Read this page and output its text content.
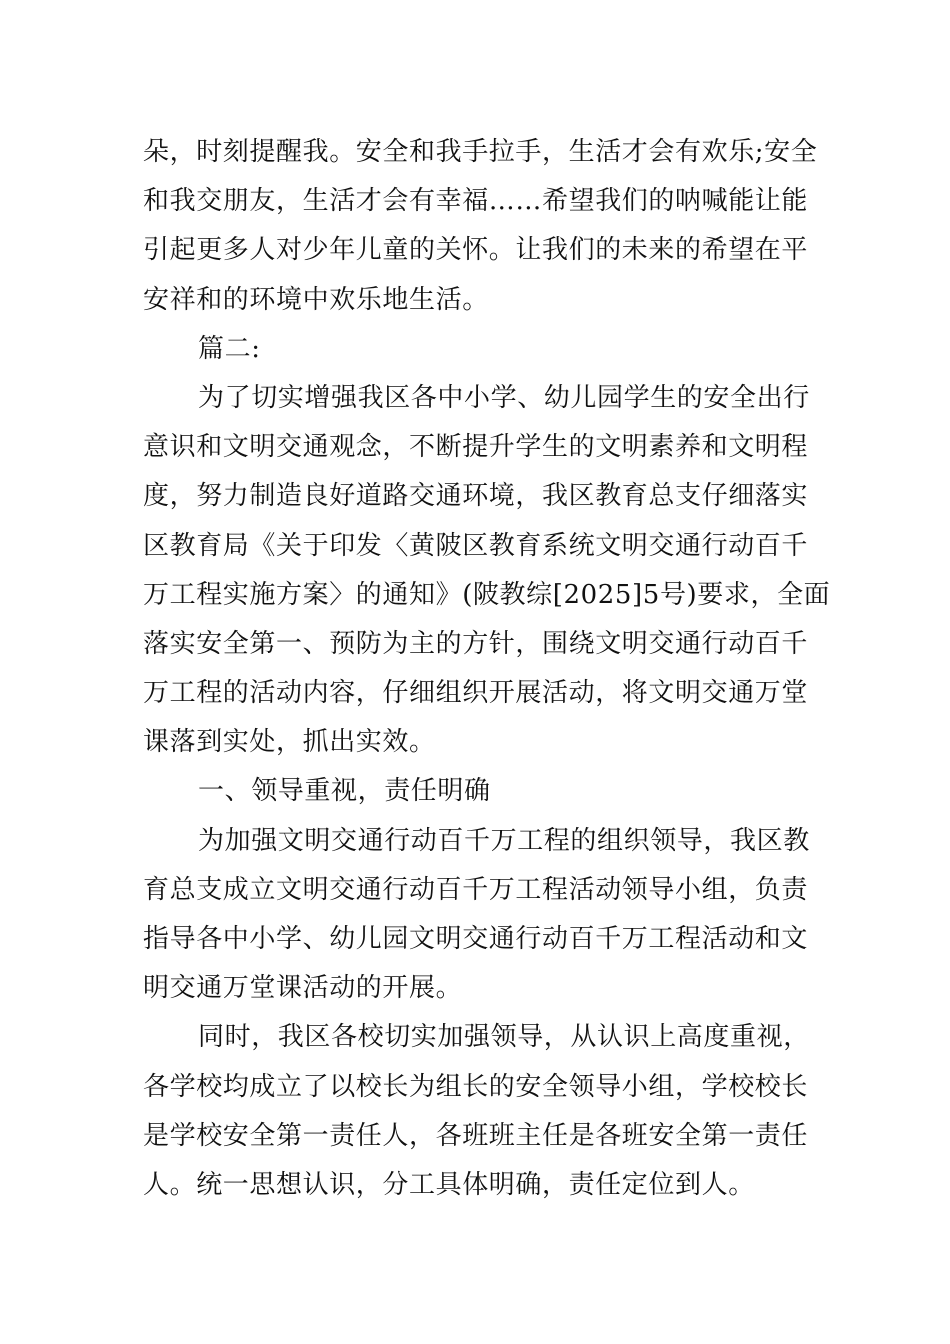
朵，时刻提醒我。安全和我手拉手，生活才会有欢乐;安全
和我交朋友，生活才会有幸福……希望我们的呐喊能让能
引起更多人对少年儿童的关怀。让我们的未来的希望在平
安祥和的环境中欢乐地生活。
篇二:
为了切实增强我区各中小学、幼儿园学生的安全出行
意识和文明交通观念，不断提升学生的文明素养和文明程
度，努力制造良好道路交通环境，我区教育总支仔细落实
区教育局《关于印发〈黄陂区教育系统文明交通行动百千
万工程实施方案〉的通知》(陂教综[2025]5号)要求，全面
落实安全第一、预防为主的方针，围绕文明交通行动百千
万工程的活动内容，仔细组织开展活动，将文明交通万堂
课落到实处，抓出实效。
一、领导重视，责任明确
为加强文明交通行动百千万工程的组织领导，我区教
育总支成立文明交通行动百千万工程活动领导小组，负责
指导各中小学、幼儿园文明交通行动百千万工程活动和文
明交通万堂课活动的开展。
同时，我区各校切实加强领导，从认识上高度重视，
各学校均成立了以校长为组长的安全领导小组，学校校长
是学校安全第一责任人，各班班主任是各班安全第一责任
人。统一思想认识，分工具体明确，责任定位到人。
